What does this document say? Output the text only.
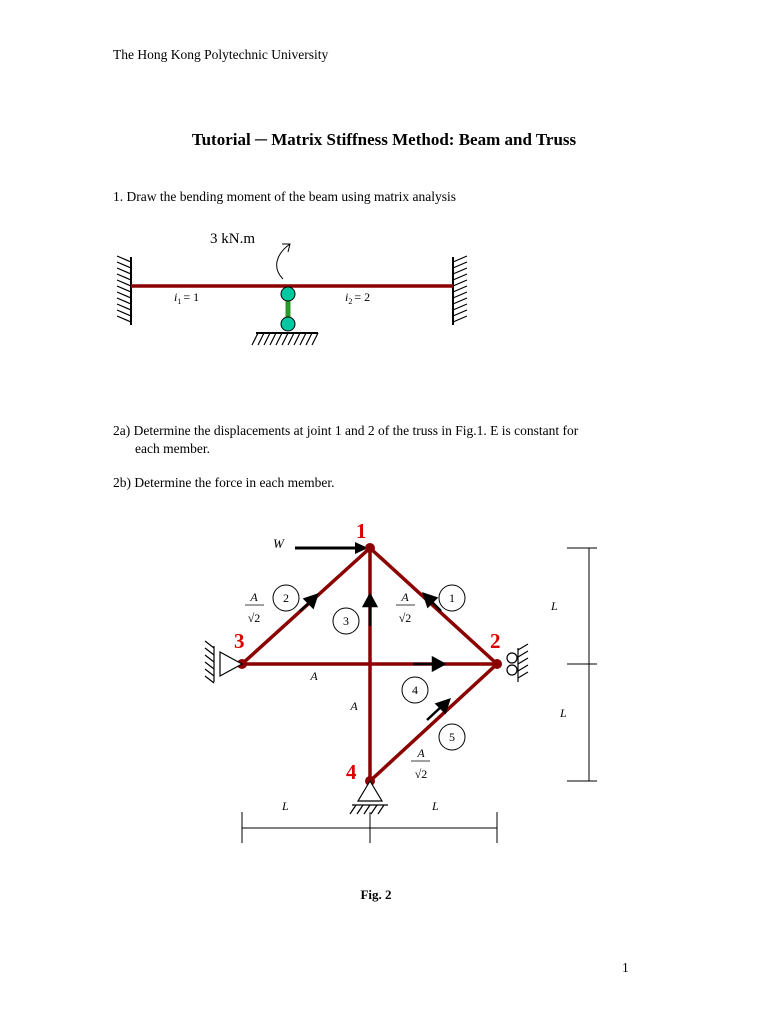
The Hong Kong Polytechnic University
Tutorial ─ Matrix Stiffness Method: Beam and Truss
1. Draw the bending moment of the beam using matrix analysis
3 kN.m
$i_1 = 1$	$i_2 = 2$
2a) Determine the displacements at joint 1 and 2 of the truss in Fig.1. E is constant for
each member.
2b) Determine the force in each member.
W
1
2
3
4
1
2
3
4
5
A
√2
A
√2
A
√2
A
A
L
L
L	L
Fig. 2
1
